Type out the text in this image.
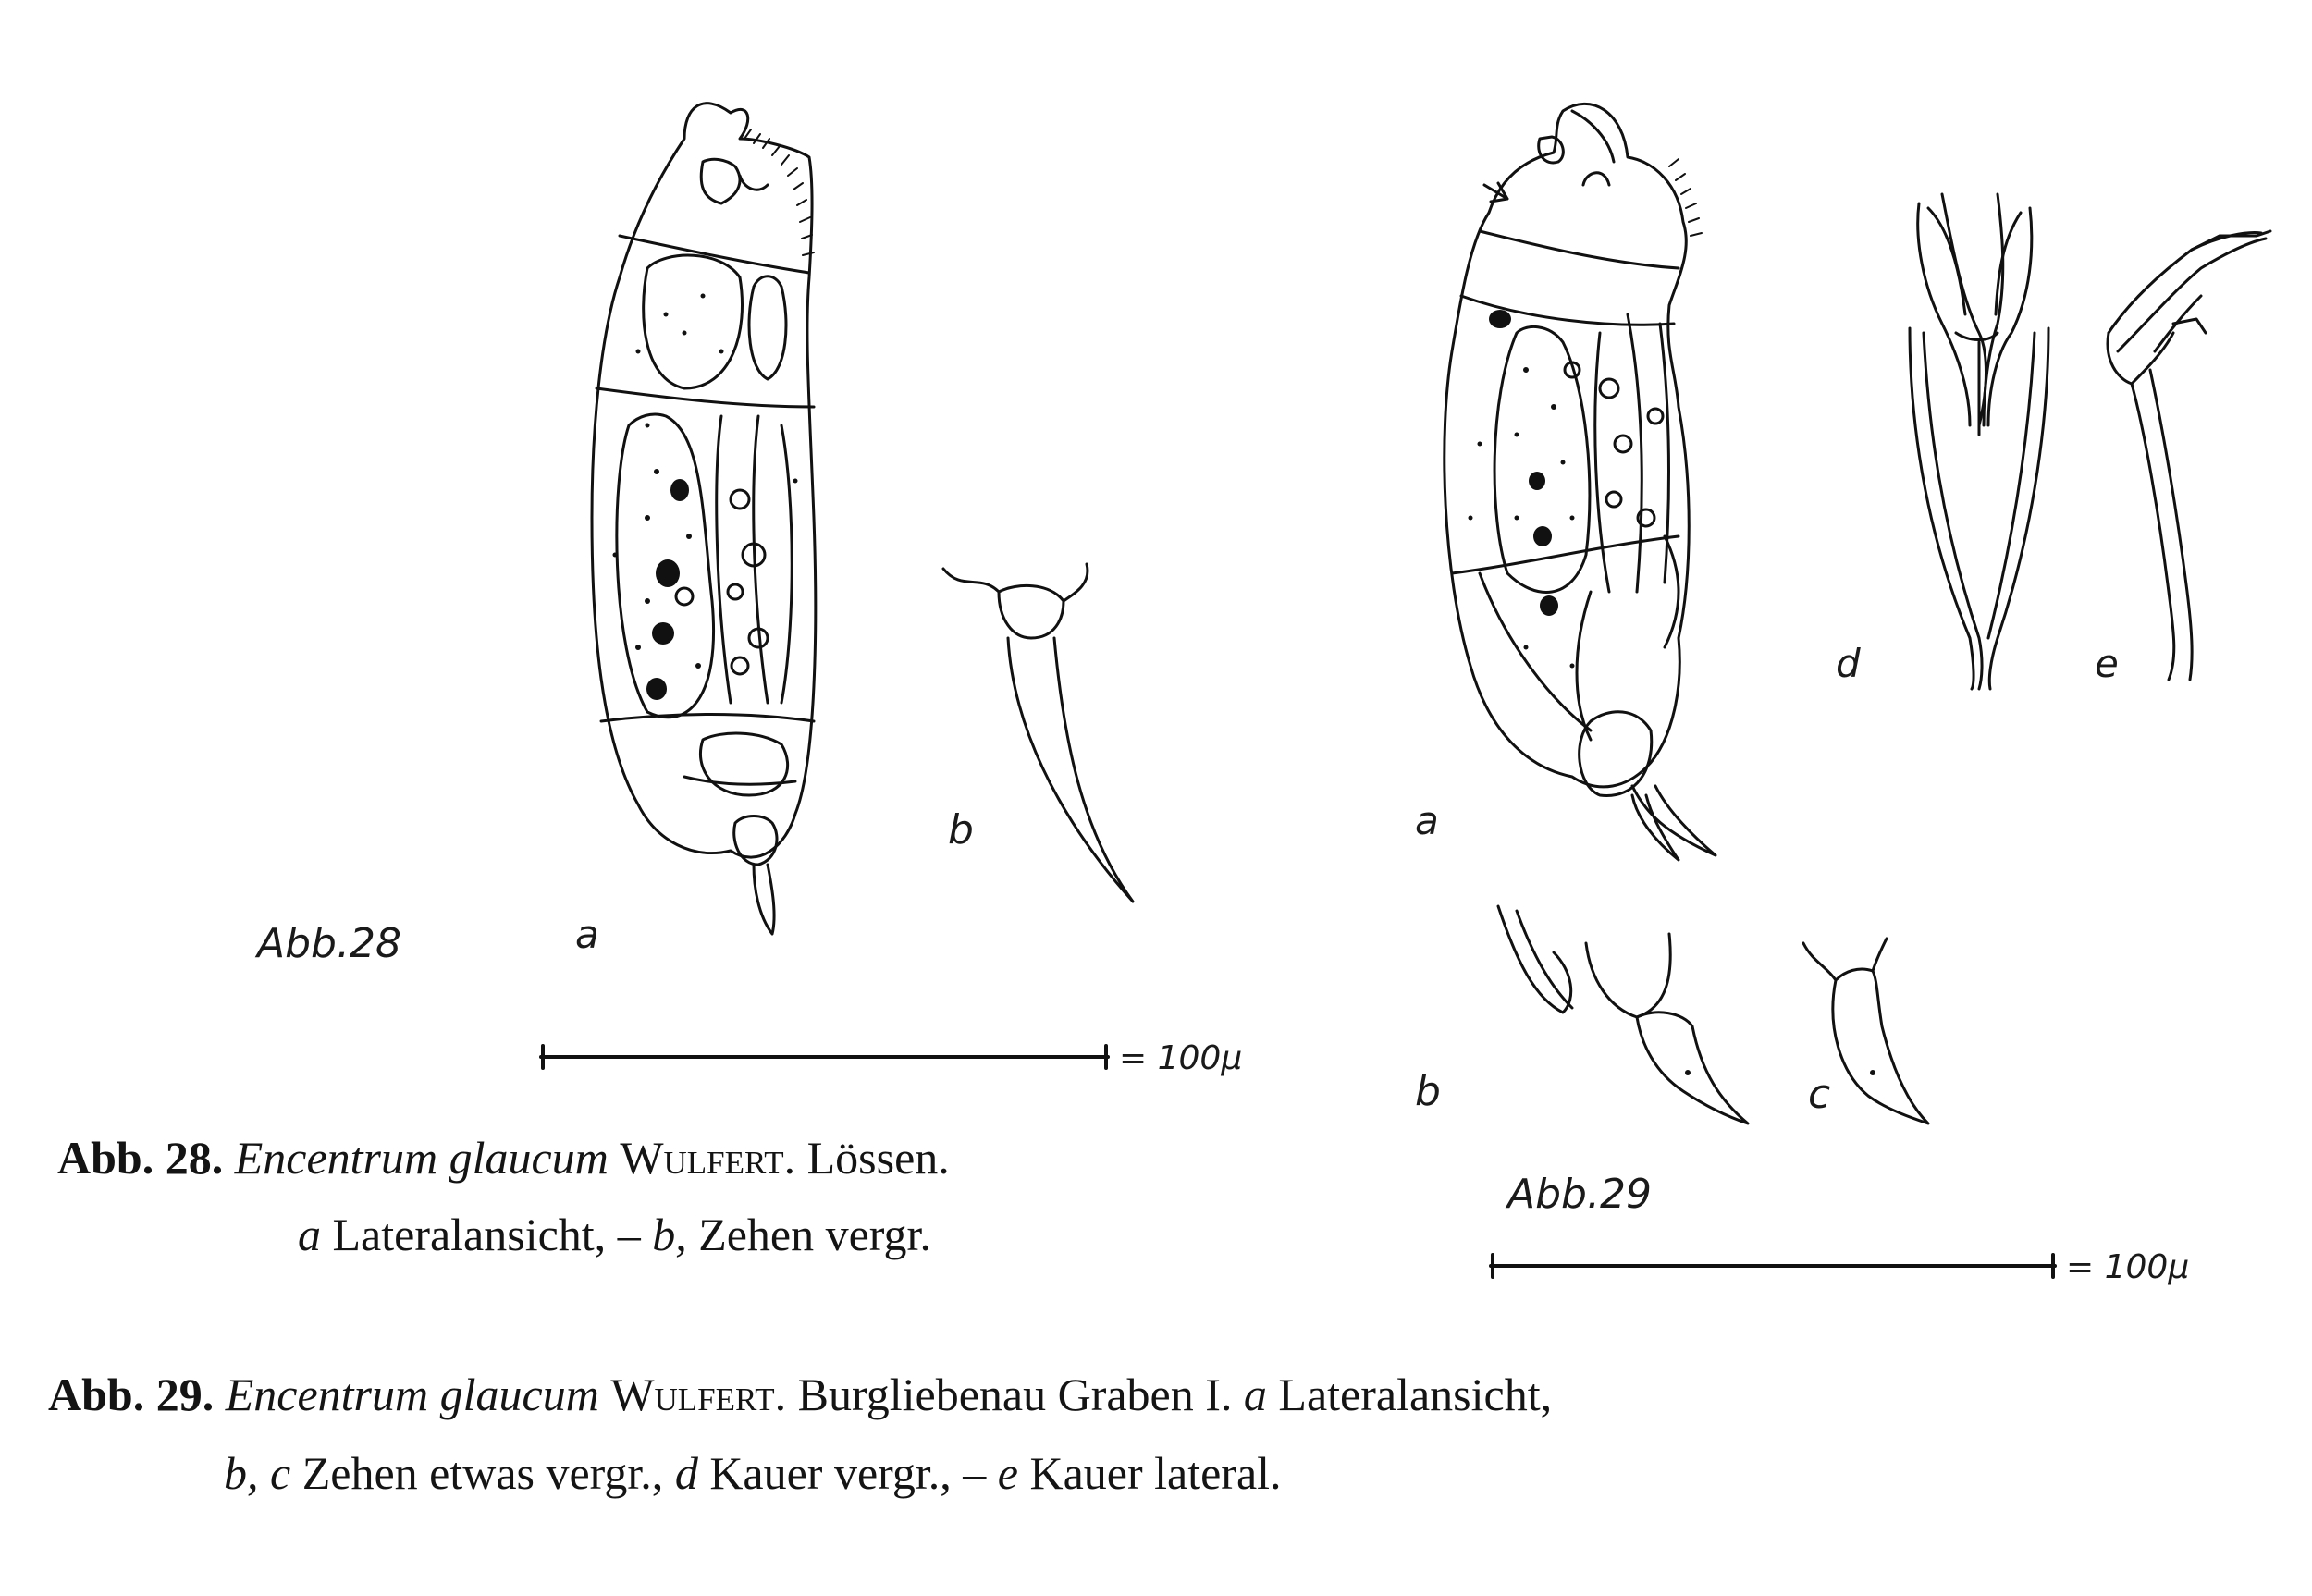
Abb.28	a
b
= 100µ
Abb.29
a
b	c
d	e
= 100µ
Abb. 28. Encentrum glaucum Wulfert. Lössen.
a Lateralansicht, – b, Zehen vergr.
Abb. 29. Encentrum glaucum Wulfert. Burgliebenau Graben I. a Lateralansicht,
b, c Zehen etwas vergr., d Kauer vergr., – e Kauer lateral.
